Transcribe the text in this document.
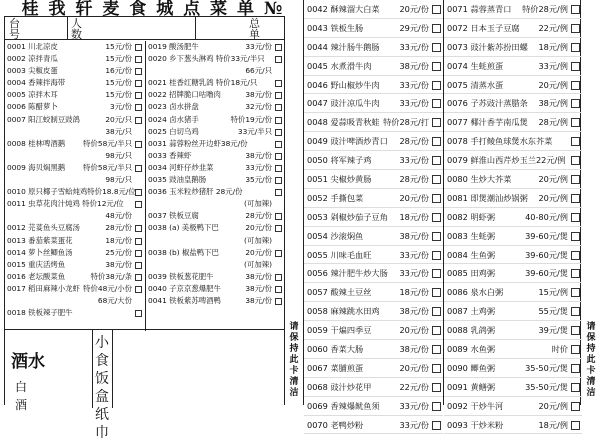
桂 我 轩 麦 食 城 点 菜 单 №
台号
人数
总单
0001 川北凉皮	15元/份
0002 凉拌青瓜	15元/份
0003 尖椒皮蛋	16元/份
0004 香辣拌海带	15元/份
0005 凉拌木耳	15元/份
0006 陈醋萝卜	3元/份
0007 阳江蛟制豆豉鸽	20元/只
38元/只
0008 桂林啤酒鹅 特价58元/半只
98元/只
0009 海贝焖黑鹅 特价58元/半只
98元/只
0010 原只椰子雪蛤炖鸡特价18.8元/位
0011 虫草花肉汁炖鸡 特价12元/位
48元/份
0012 芫荽鱼头豆腐汤	28元/份
0013 番茄紫菜蛋花	18元/份
0014 萝卜丝鲫鱼汤	25元/份
0015 重庆活烤鱼	38元/份
0016 老坛酸菜鱼	特价38元/条
0017 稻田麻辣小龙虾 特价48元/小份
68元/大份
0018 铁板辣子肥牛
0019 酸汤肥牛	33元/份
0020 乡下葱头淋鸡 特价33元/半只
66元/只
0021 桂香红糖乳鸽 特价18元/只
0022 招牌脆口咕噜肉	38元/份
0023 卤水拼盘	32元/份
0024 卤水猪手	特价19元/份
0025 白切乌鸡	33元/半只
0031 蒜蓉粉丝开边虾38元/份
0033 香辣虾	38元/份
0034 河虾仔炒韭菜	33元/份
0035 豉油皇鹅肠	35元/份
0036 玉米粒炒猪肝 28元/份
(可加辣)
0037 铁板豆腐	28元/份
0038 (a) 美极鸭下巴	20元/份
(可加辣)
0038 (b) 椒盐鸭下巴	20元/份
(可加辣)
0039 铁板葱花肥牛	38元/份
0040 子京京葱爆肥牛	38元/份
0041 铁板紫苏啤酒鸭	38元/份
酒水
白酒
小食饭盒纸巾
0042 酥辣溜大白菜 20元/份
0043 铁板生肠	29元/份
0044 辣汁肠牛鹅肠 33元/份
0045 水煮滑牛肉	38元/份
0046 野山椒炒牛肉 33元/份
0047 豉汁凉瓜牛肉 33元/份
0048 爱蒜吸青秋蛙 特价28元/打
0049 豉汁啤酒炒青口 28元/份
0050 将军辣子鸡	33元/份
0051 尖椒炒黄肠	28元/份
0052 手撕包菜	20元/份
0053 剁椒炒茄子豆角 18元/份
0054 沙滚焖鱼	38元/份
0055 川味毛血旺	33元/份
0056 辣汁肥牛炒大肠 33元/份
0057 酸辣土豆丝	18元/份
0058 麻辣跳水田鸡 38元/份
0059 干煸四季豆	20元/份
0060 香菜大肠	38元/份
0067 菜脯煎蛋	20元/份
0068 豉汁炒花甲	22元/份
0069 香辣爆鱿鱼须 33元/份
0070 老鸭炒粉	33元/份
0071 蒜蓉蒸青口 特价28元/例
0072 日本玉子豆腐 22元/例
0073 豉汁紫苏扮田螺 18元/例
0074 生蚝煎蛋	33元/例
0075 清蒸水蛋	20元/例
0076 子苏豉汁蒸腊条 38元/例
0077 椰汁香芋南瓜煲 28元/例
0078 手打鲮鱼球煲水东芥菜
0079 鲜淮山西芹炒玉兰22元/例
0080 生炒大芥菜	20元/例
0081 即煲潮汕炒锅粥 20元/例
0082 明虾粥	40-80元/例
0083 生蚝粥	39-60元/煲
0084 生鱼粥	39-60元/煲
0085 田鸡粥	39-60元/煲
0086 泉水白粥	15元/例
0087 土鸡粥	55元/煲
0088 乳鸽粥	39元/煲
0089 水鱼粥	时价
0090 鲫鱼粥	35-50元/煲
0091 黄鳝粥	35-50元/煲
0092 干炒牛河	20元/例
0093 干炒米粉	18元/例
请保持此卡清洁
请保持此卡清洁
